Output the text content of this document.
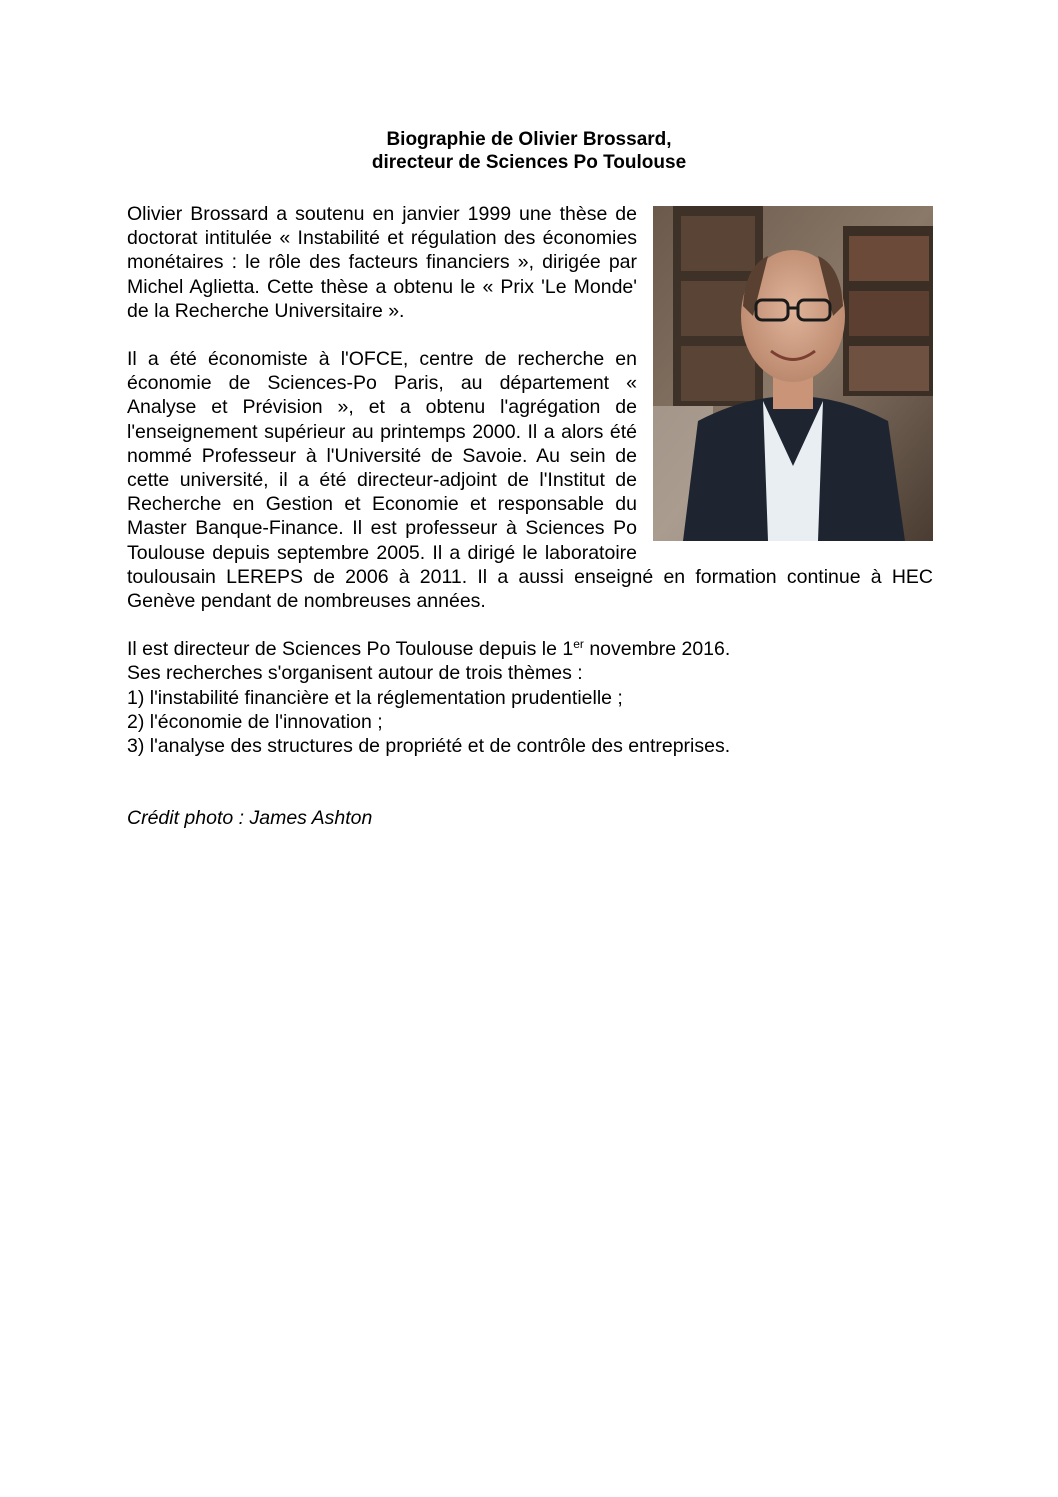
Biographie de Olivier Brossard,
directeur de Sciences Po Toulouse

Olivier Brossard a soutenu en janvier 1999 une thèse de doctorat intitulée « Instabilité et régulation des économies monétaires : le rôle des facteurs financiers », dirigée par Michel Aglietta. Cette thèse a obtenu le « Prix 'Le Monde' de la Recherche Universitaire ».

Il a été économiste à l'OFCE, centre de recherche en économie de Sciences-Po Paris, au département « Analyse et Prévision », et a obtenu l'agrégation de l'enseignement supérieur au printemps 2000. Il a alors été nommé Professeur à l'Université de Savoie. Au sein de cette université, il a été directeur-adjoint de l'Institut de Recherche en Gestion et Economie et responsable du Master Banque-Finance. Il est professeur à Sciences Po Toulouse depuis septembre 2005. Il a dirigé le laboratoire toulousain LEREPS de 2006 à 2011. Il a aussi enseigné en formation continue à HEC Genève pendant de nombreuses années.

Il est directeur de Sciences Po Toulouse depuis le 1er novembre 2016.

Ses recherches s'organisent autour de trois thèmes :

1) l'instabilité financière et la réglementation prudentielle ;

2) l'économie de l'innovation ;

3) l'analyse des structures de propriété et de contrôle des entreprises.

Crédit photo : James Ashton
